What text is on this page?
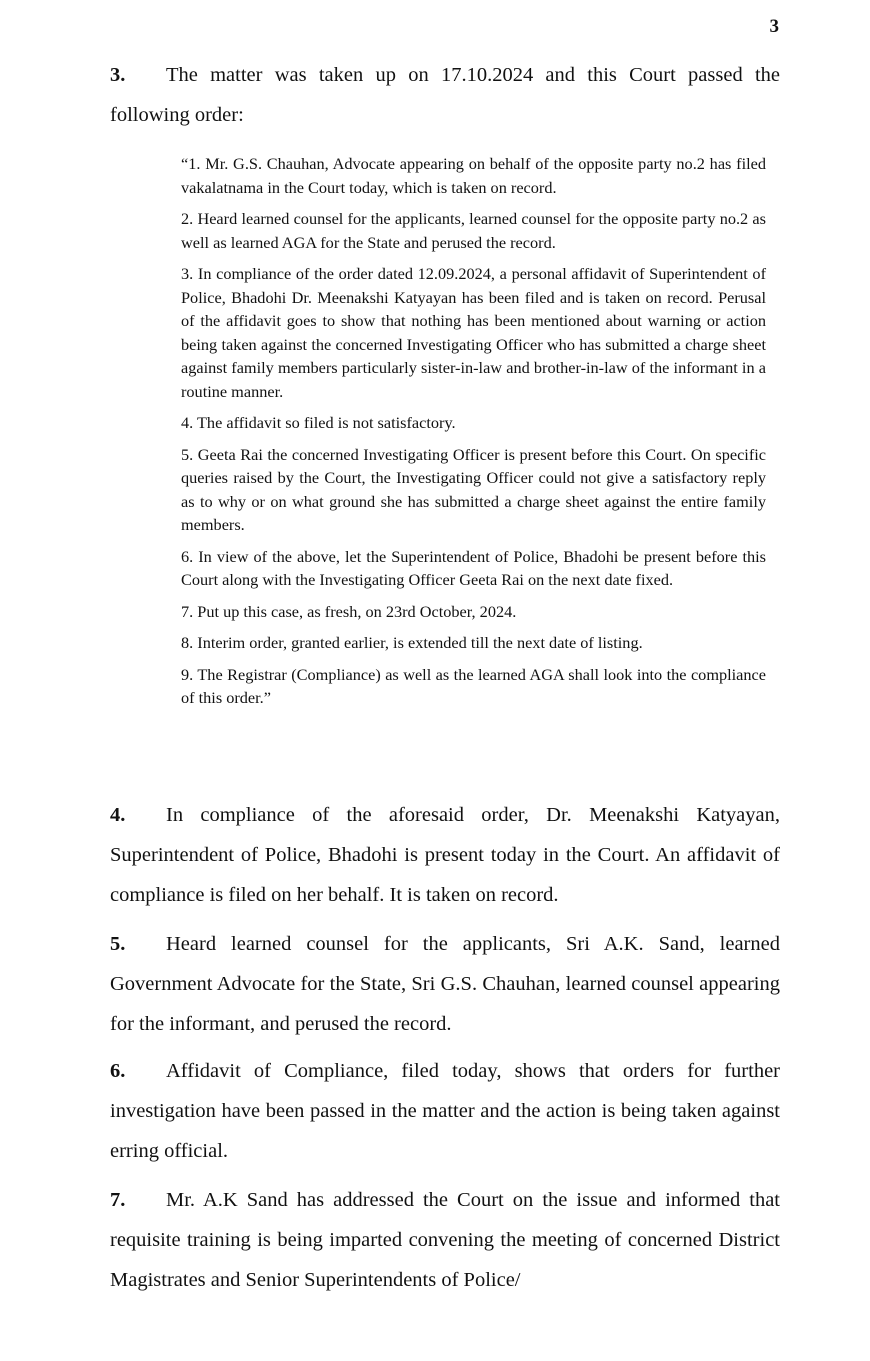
3

3. The matter was taken up on 17.10.2024 and this Court passed the following order:

“1. Mr. G.S. Chauhan, Advocate appearing on behalf of the opposite party no.2 has filed vakalatnama in the Court today, which is taken on record.

2. Heard learned counsel for the applicants, learned counsel for the opposite party no.2 as well as learned AGA for the State and perused the record.

3. In compliance of the order dated 12.09.2024, a personal affidavit of Superintendent of Police, Bhadohi Dr. Meenakshi Katyayan has been filed and is taken on record. Perusal of the affidavit goes to show that nothing has been mentioned about warning or action being taken against the concerned Investigating Officer who has submitted a charge sheet against family members particularly sister-in-law and brother-in-law of the informant in a routine manner.

4. The affidavit so filed is not satisfactory.

5. Geeta Rai the concerned Investigating Officer is present before this Court. On specific queries raised by the Court, the Investigating Officer could not give a satisfactory reply as to why or on what ground she has submitted a charge sheet against the entire family members.

6. In view of the above, let the Superintendent of Police, Bhadohi be present before this Court along with the Investigating Officer Geeta Rai on the next date fixed.

7. Put up this case, as fresh, on 23rd October, 2024.

8. Interim order, granted earlier, is extended till the next date of listing.

9. The Registrar (Compliance) as well as the learned AGA shall look into the compliance of this order.”

4. In compliance of the aforesaid order, Dr. Meenakshi Katyayan, Superintendent of Police, Bhadohi is present today in the Court. An affidavit of compliance is filed on her behalf. It is taken on record.

5. Heard learned counsel for the applicants, Sri A.K. Sand, learned Government Advocate for the State, Sri G.S. Chauhan, learned counsel appearing for the informant, and perused the record.

6. Affidavit of Compliance, filed today, shows that orders for further investigation have been passed in the matter and the action is being taken against erring official.

7. Mr. A.K Sand has addressed the Court on the issue and informed that requisite training is being imparted convening the meeting of concerned District Magistrates and Senior Superintendents of Police/
